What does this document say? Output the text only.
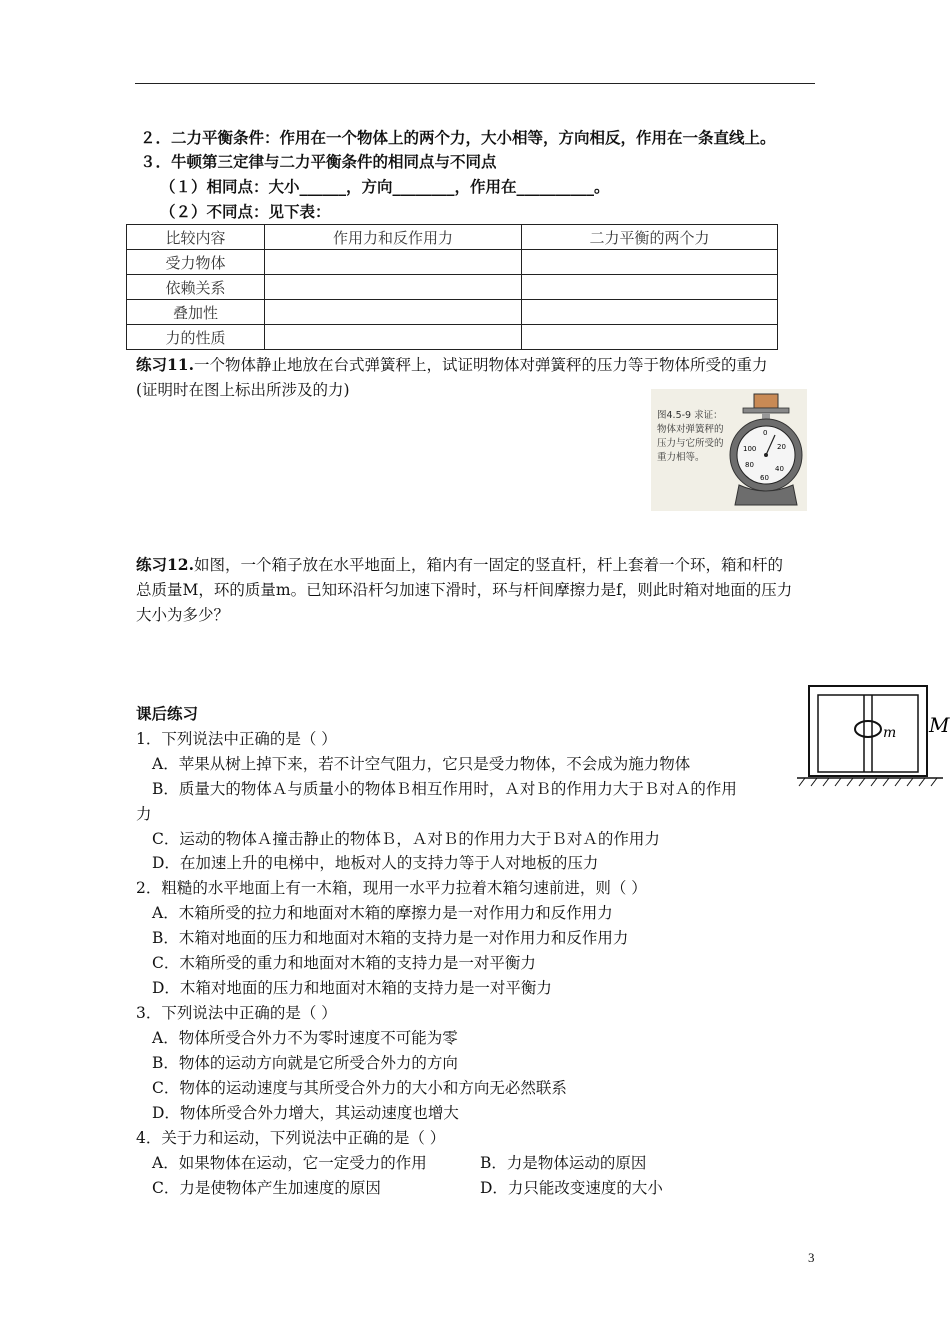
２．二力平衡条件：作用在一个物体上的两个力，大小相等，方向相反，作用在一条直线上。
３．牛顿第三定律与二力平衡条件的相同点与不同点
（１）相同点：大小______，方向________，作用在__________。
（２）不同点：见下表：
比较内容	作用力和反作用力	二力平衡的两个力
受力物体		
依赖关系		
叠加性		
力的性质		
练习11.一个物体静止地放在台式弹簧秤上，试证明物体对弹簧秤的压力等于物体所受的重力
(证明时在图上标出所涉及的力)
图4.5-9 求证：物体对弹簧秤的压力与它所受的重力相等。
0
20
40
60
80
100
练习12.如图，一个箱子放在水平地面上，箱内有一固定的竖直杆，杆上套着一个环，箱和杆的
总质量M，环的质量m。已知环沿杆匀加速下滑时，环与杆间摩擦力是f，则此时箱对地面的压力
大小为多少？
m M
课后练习
1．下列说法中正确的是（ ）
A．苹果从树上掉下来，若不计空气阻力，它只是受力物体，不会成为施力物体
B．质量大的物体Ａ与质量小的物体Ｂ相互作用时，Ａ对Ｂ的作用力大于Ｂ对Ａ的作用
力
C．运动的物体Ａ撞击静止的物体Ｂ，Ａ对Ｂ的作用力大于Ｂ对Ａ的作用力
D．在加速上升的电梯中，地板对人的支持力等于人对地板的压力
2．粗糙的水平地面上有一木箱，现用一水平力拉着木箱匀速前进，则（ ）
A．木箱所受的拉力和地面对木箱的摩擦力是一对作用力和反作用力
B．木箱对地面的压力和地面对木箱的支持力是一对作用力和反作用力
C．木箱所受的重力和地面对木箱的支持力是一对平衡力
D．木箱对地面的压力和地面对木箱的支持力是一对平衡力
3．下列说法中正确的是（ ）
A．物体所受合外力不为零时速度不可能为零
B．物体的运动方向就是它所受合外力的方向
C．物体的运动速度与其所受合外力的大小和方向无必然联系
D．物体所受合外力增大，其运动速度也增大
4．关于力和运动，下列说法中正确的是（ ）
A．如果物体在运动，它一定受力的作用	B．力是物体运动的原因
C．力是使物体产生加速度的原因	D．力只能改变速度的大小
3
